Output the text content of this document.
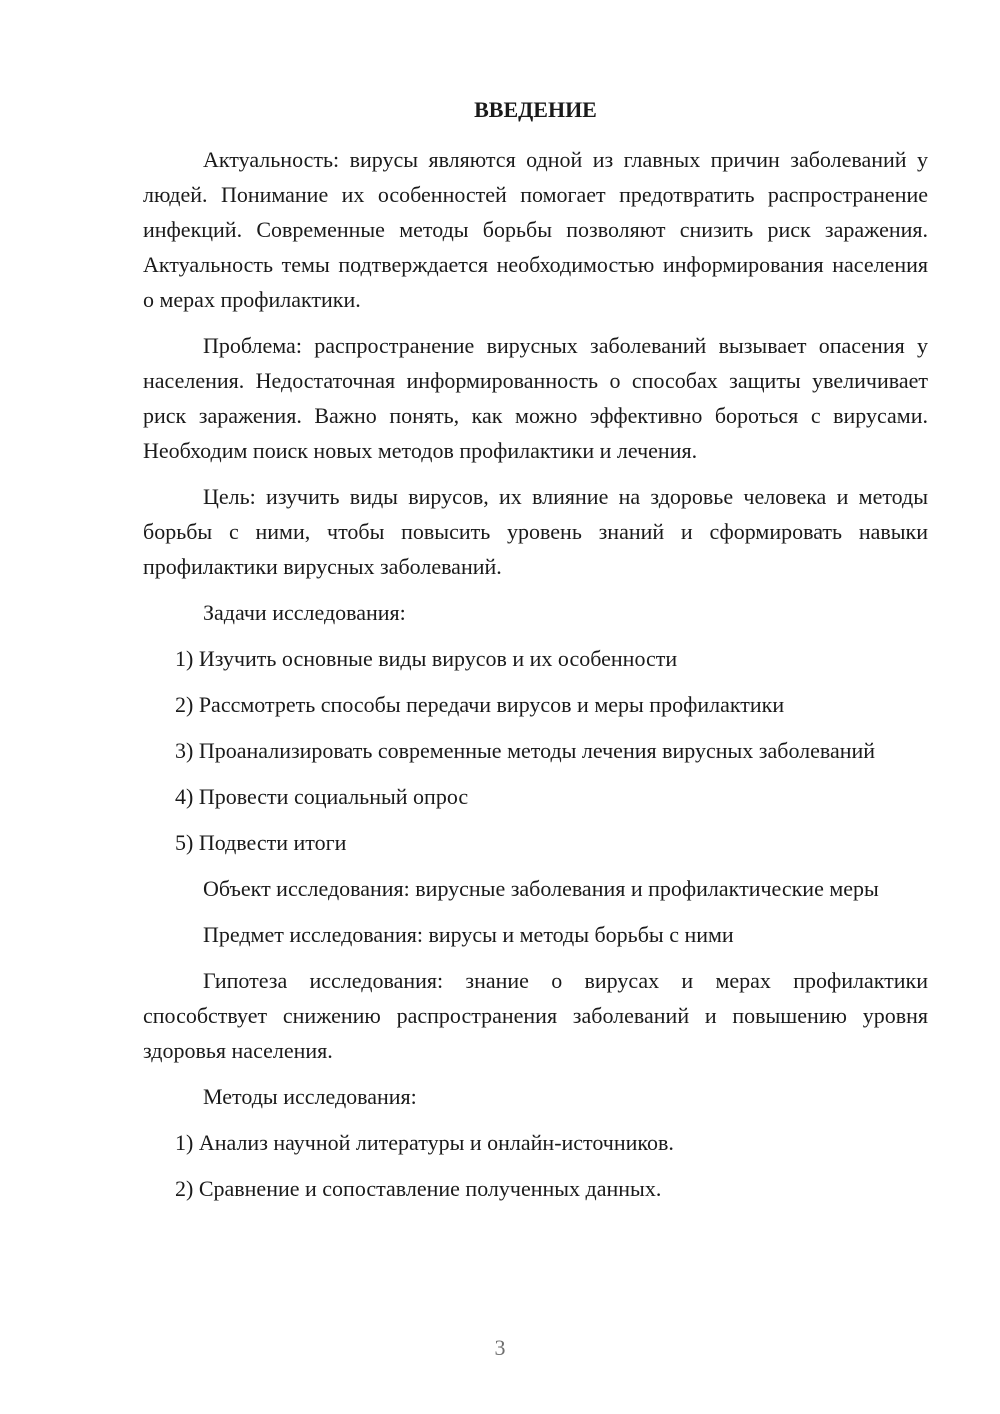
ВВЕДЕНИЕ

Актуальность: вирусы являются одной из главных причин заболеваний у людей. Понимание их особенностей помогает предотвратить распространение инфекций. Современные методы борьбы позволяют снизить риск заражения. Актуальность темы подтверждается необходимостью информирования населения о мерах профилактики.

Проблема: распространение вирусных заболеваний вызывает опасения у населения. Недостаточная информированность о способах защиты увеличивает риск заражения. Важно понять, как можно эффективно бороться с вирусами. Необходим поиск новых методов профилактики и лечения.

Цель: изучить виды вирусов, их влияние на здоровье человека и методы борьбы с ними, чтобы повысить уровень знаний и сформировать навыки профилактики вирусных заболеваний.

Задачи исследования:

1) Изучить основные виды вирусов и их особенности

2) Рассмотреть способы передачи вирусов и меры профилактики

3) Проанализировать современные методы лечения вирусных заболеваний

4) Провести социальный опрос

5) Подвести итоги

Объект исследования: вирусные заболевания и профилактические меры

Предмет исследования: вирусы и методы борьбы с ними

Гипотеза исследования: знание о вирусах и мерах профилактики способствует снижению распространения заболеваний и повышению уровня здоровья населения.

Методы исследования:

1) Анализ научной литературы и онлайн-источников.

2) Сравнение и сопоставление полученных данных.

3
